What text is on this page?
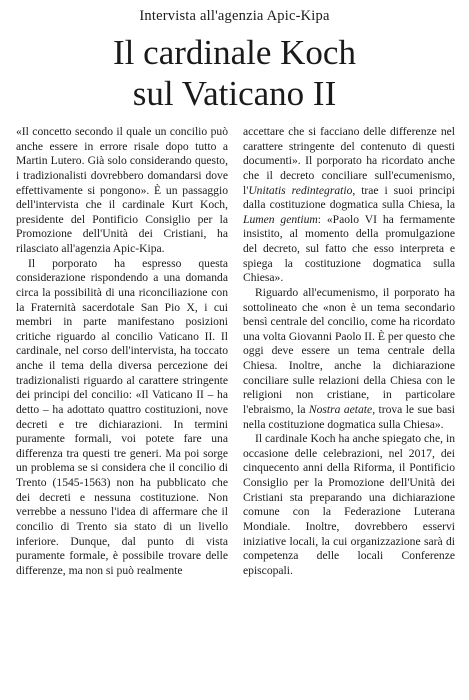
Intervista all'agenzia Apic-Kipa
Il cardinale Koch
sul Vaticano II

«Il concetto secondo il quale un concilio può anche essere in errore risale dopo tutto a Martin Lutero. Già solo considerando questo, i tradizionalisti dovrebbero domandarsi dove effettivamente si pongono». È un passaggio dell'intervista che il cardinale Kurt Koch, presidente del Pontificio Consiglio per la Promozione dell'Unità dei Cristiani, ha rilasciato all'agenzia Apic-Kipa.

Il porporato ha espresso questa considerazione rispondendo a una domanda circa la possibilità di una riconciliazione con la Fraternità sacerdotale San Pio X, i cui membri in parte manifestano posizioni critiche riguardo al concilio Vaticano II. Il cardinale, nel corso dell'intervista, ha toccato anche il tema della diversa percezione dei tradizionalisti riguardo al carattere stringente dei principi del concilio: «Il Vaticano II – ha detto – ha adottato quattro costituzioni, nove decreti e tre dichiarazioni. In termini puramente formali, voi potete fare una differenza tra questi tre generi. Ma poi sorge un problema se si considera che il concilio di Trento (1545-1563) non ha pubblicato che dei decreti e nessuna costituzione. Non verrebbe a nessuno l'idea di affermare che il concilio di Trento sia stato di un livello inferiore. Dunque, dal punto di vista puramente formale, è possibile trovare delle differenze, ma non si può realmente

accettare che si facciano delle differenze nel carattere stringente del contenuto di questi documenti». Il porporato ha ricordato anche che il decreto conciliare sull'ecumenismo, l'Unitatis redintegratio, trae i suoi principi dalla costituzione dogmatica sulla Chiesa, la Lumen gentium: «Paolo VI ha fermamente insistito, al momento della promulgazione del decreto, sul fatto che esso interpreta e spiega la costituzione dogmatica sulla Chiesa».

Riguardo all'ecumenismo, il porporato ha sottolineato che «non è un tema secondario bensì centrale del concilio, come ha ricordato una volta Giovanni Paolo II. È per questo che oggi deve essere un tema centrale della Chiesa. Inoltre, anche la dichiarazione conciliare sulle relazioni della Chiesa con le religioni non cristiane, in particolare l'ebraismo, la Nostra aetate, trova le sue basi nella costituzione dogmatica sulla Chiesa».

Il cardinale Koch ha anche spiegato che, in occasione delle celebrazioni, nel 2017, dei cinquecento anni della Riforma, il Pontificio Consiglio per la Promozione dell'Unità dei Cristiani sta preparando una dichiarazione comune con la Federazione Luterana Mondiale. Inoltre, dovrebbero esservi iniziative locali, la cui organizzazione sarà di competenza delle locali Conferenze episcopali.
